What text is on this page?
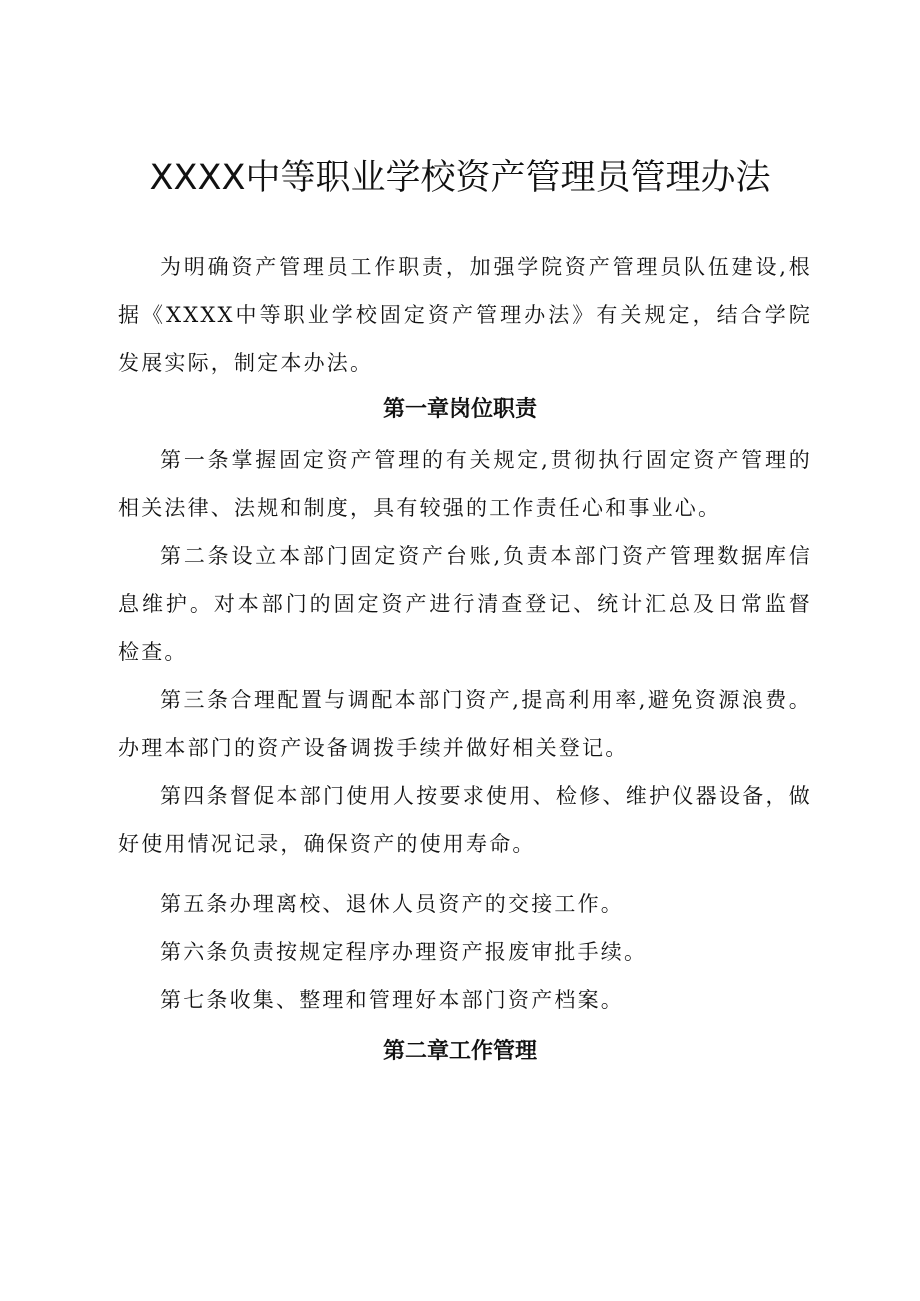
XXXX中等职业学校资产管理员管理办法

为明确资产管理员工作职责，加强学院资产管理员队伍建设,根据《XXXX中等职业学校固定资产管理办法》有关规定，结合学院发展实际，制定本办法。

第一章岗位职责

第一条掌握固定资产管理的有关规定,贯彻执行固定资产管理的相关法律、法规和制度，具有较强的工作责任心和事业心。

第二条设立本部门固定资产台账,负责本部门资产管理数据库信息维护。对本部门的固定资产进行清查登记、统计汇总及日常监督检查。

第三条合理配置与调配本部门资产,提高利用率,避免资源浪费。办理本部门的资产设备调拨手续并做好相关登记。

第四条督促本部门使用人按要求使用、检修、维护仪器设备，做好使用情况记录，确保资产的使用寿命。

第五条办理离校、退休人员资产的交接工作。

第六条负责按规定程序办理资产报废审批手续。

第七条收集、整理和管理好本部门资产档案。

第二章工作管理
